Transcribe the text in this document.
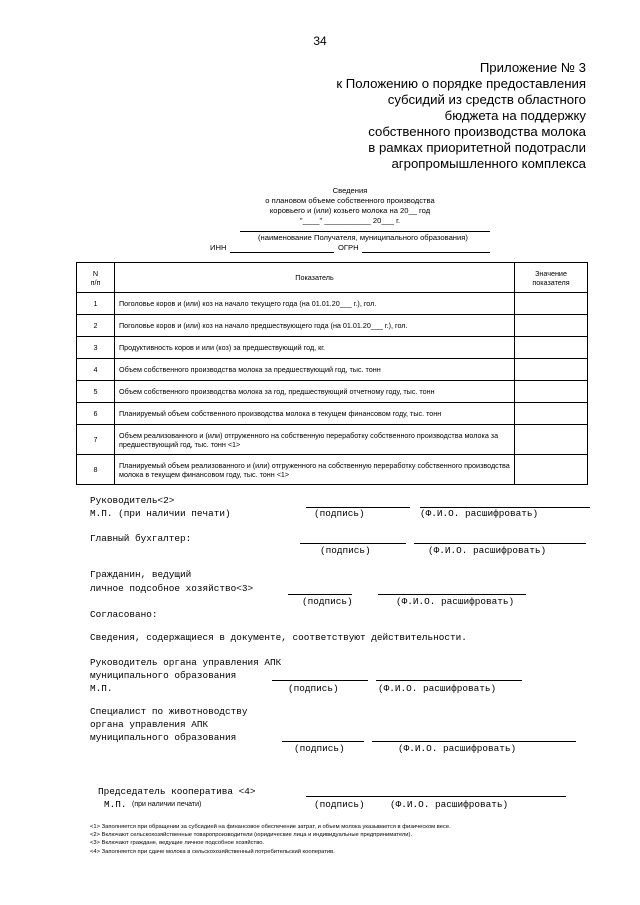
34
Приложение № 3
к Положению о порядке предоставления
субсидий из средств областного
бюджета на поддержку
собственного производства молока
в рамках приоритетной подотрасли
агропромышленного комплекса
Сведения
о плановом объеме собственного производства
коровьего и (или) козьего молока на 20__ год
"____" ___________ 20___ г.
(наименование Получателя, муниципального образования)
ИНН	ОГРН
N
п/п	Показатель	Значение
показателя
1	Поголовье коров и (или) коз на начало текущего года (на 01.01.20___ г.), гол.	
2	Поголовье коров и (или) коз на начало предшествующего года (на 01.01.20___ г.), гол.	
3	Продуктивность коров и или (коз) за предшествующий год, кг.	
4	Объем собственного производства молока за предшествующий год, тыс. тонн	
5	Объем собственного производства молока за год, предшествующий отчетному году, тыс. тонн	
6	Планируемый объем собственного производства молока в текущем финансовом году, тыс. тонн	
7	Объем реализованного и (или) отгруженного на собственную переработку собственного производства молока за предшествующий год, тыс. тонн <1>	
8	Планируемый объем реализованного и (или) отгруженного на собственную переработку собственного производства молока в текущем финансовом году, тыс. тонн <1>	
Руководитель<2>
М.П. (при наличии печати)	(подпись)	(Ф.И.О. расшифровать)
Главный бухгалтер:
(подпись)	(Ф.И.О. расшифровать)
Гражданин, ведущий
личное подсобное хозяйство<3>
(подпись)	(Ф.И.О. расшифровать)
Согласовано:
Сведения, содержащиеся в документе, соответствуют действительности.
Руководитель органа управления АПК
муниципального образования
М.П.	(подпись)	(Ф.И.О. расшифровать)
Специалист по животноводству
органа управления АПК
муниципального образования
(подпись)	(Ф.И.О. расшифровать)
Председатель кооператива <4>
М.П. (при наличии печати)	(подпись)	(Ф.И.О. расшифровать)
<1> Заполняется при обращении за субсидией на финансовое обеспечение затрат, и объем молока указывается в физическом весе.
<2> Включают сельскохозяйственные товаропроизводители (юридические лица и индивидуальные предприниматели).
<3> Включают граждане, ведущие личное подсобное хозяйство.
<4> Заполняется при сдаче молока в сельскохозяйственный потребительский кооператив.
